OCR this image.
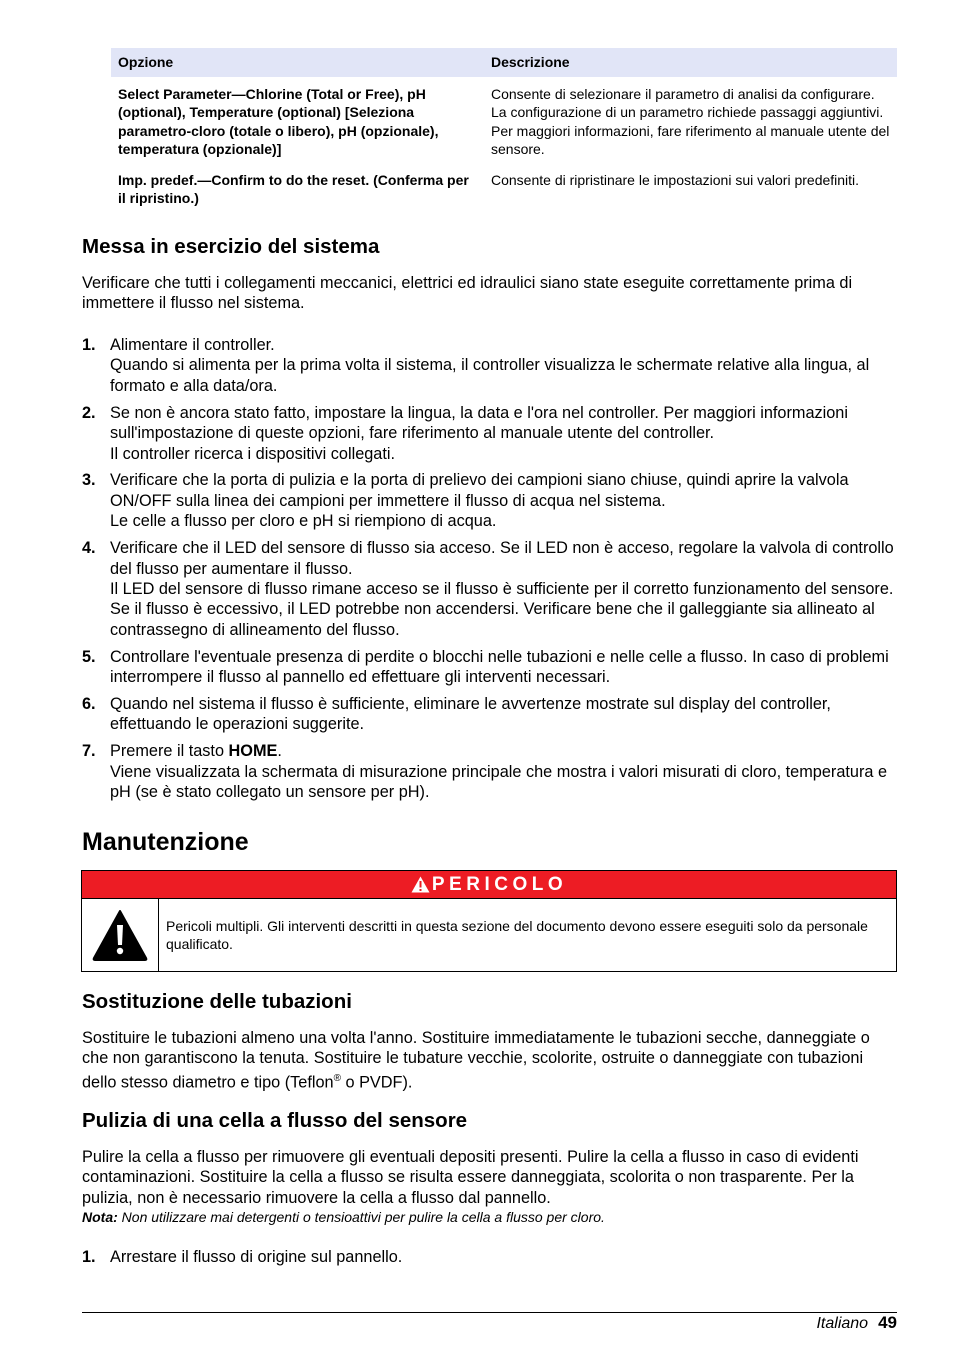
Opzione	Descrizione
Select Parameter—Chlorine (Total or Free), pH (optional), Temperature (optional) [Seleziona parametro-cloro (totale o libero), pH (opzionale), temperatura (opzionale)]	Consente di selezionare il parametro di analisi da configurare. La configurazione di un parametro richiede passaggi aggiuntivi. Per maggiori informazioni, fare riferimento al manuale utente del sensore.
Imp. predef.—Confirm to do the reset. (Conferma per il ripristino.)	Consente di ripristinare le impostazioni sui valori predefiniti.
Messa in esercizio del sistema

Verificare che tutti i collegamenti meccanici, elettrici ed idraulici siano state eseguite correttamente prima di immettere il flusso nel sistema.

1. Alimentare il controller.
Quando si alimenta per la prima volta il sistema, il controller visualizza le schermate relative alla lingua, al formato e alla data/ora.
2. Se non è ancora stato fatto, impostare la lingua, la data e l'ora nel controller. Per maggiori informazioni sull'impostazione di queste opzioni, fare riferimento al manuale utente del controller.
Il controller ricerca i dispositivi collegati.
3. Verificare che la porta di pulizia e la porta di prelievo dei campioni siano chiuse, quindi aprire la valvola ON/OFF sulla linea dei campioni per immettere il flusso di acqua nel sistema.
Le celle a flusso per cloro e pH si riempiono di acqua.
4. Verificare che il LED del sensore di flusso sia acceso. Se il LED non è acceso, regolare la valvola di controllo del flusso per aumentare il flusso.
Il LED del sensore di flusso rimane acceso se il flusso è sufficiente per il corretto funzionamento del sensore. Se il flusso è eccessivo, il LED potrebbe non accendersi. Verificare bene che il galleggiante sia allineato al contrassegno di allineamento del flusso.
5. Controllare l'eventuale presenza di perdite o blocchi nelle tubazioni e nelle celle a flusso. In caso di problemi interrompere il flusso al pannello ed effettuare gli interventi necessari.
6. Quando nel sistema il flusso è sufficiente, eliminare le avvertenze mostrate sul display del controller, effettuando le operazioni suggerite.
7. Premere il tasto HOME.
Viene visualizzata la schermata di misurazione principale che mostra i valori misurati di cloro, temperatura e pH (se è stato collegato un sensore per pH).
Manutenzione
PERICOLO
Pericoli multipli. Gli interventi descritti in questa sezione del documento devono essere eseguiti solo da personale qualificato.
Sostituzione delle tubazioni

Sostituire le tubazioni almeno una volta l'anno. Sostituire immediatamente le tubazioni secche, danneggiate o che non garantiscono la tenuta. Sostituire le tubature vecchie, scolorite, ostruite o danneggiate con tubazioni dello stesso diametro e tipo (Teflon® o PVDF).

Pulizia di una cella a flusso del sensore

Pulire la cella a flusso per rimuovere gli eventuali depositi presenti. Pulire la cella a flusso in caso di evidenti contaminazioni. Sostituire la cella a flusso se risulta essere danneggiata, scolorita o non trasparente. Per la pulizia, non è necessario rimuovere la cella a flusso dal pannello.

Nota: Non utilizzare mai detergenti o tensioattivi per pulire la cella a flusso per cloro.

1. Arrestare il flusso di origine sul pannello.
Italiano 49
